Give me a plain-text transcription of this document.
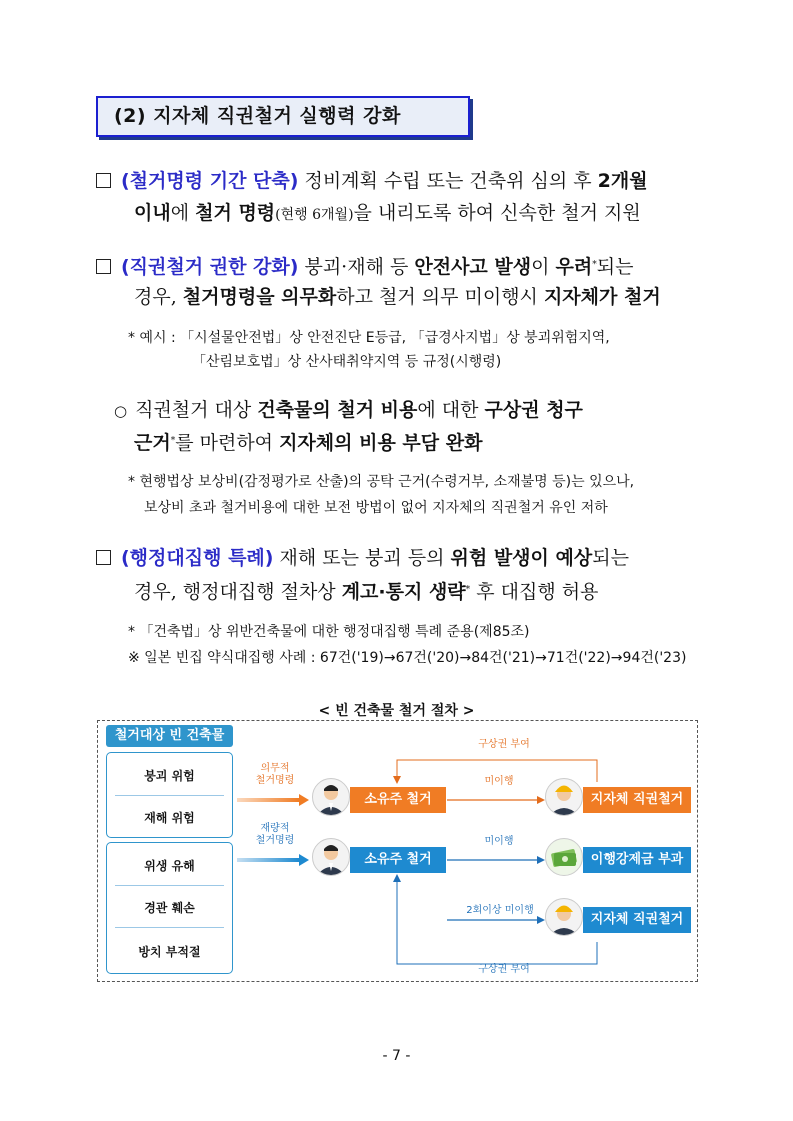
(2) 지자체 직권철거 실행력 강화
(철거명령 기간 단축) 정비계획 수립 또는 건축위 심의 후 2개월
이내에 철거 명령(현행 6개월)을 내리도록 하여 신속한 철거 지원
(직권철거 권한 강화) 붕괴·재해 등 안전사고 발생이 우려*되는
경우, 철거명령을 의무화하고 철거 의무 미이행시 지자체가 철거
* 예시 : 「시설물안전법」상 안전진단 E등급, 「급경사지법」상 붕괴위험지역,
「산림보호법」상 산사태취약지역 등 규정(시행령)
○ 직권철거 대상 건축물의 철거 비용에 대한 구상권 청구
근거*를 마련하여 지자체의 비용 부담 완화
* 현행법상 보상비(감정평가로 산출)의 공탁 근거(수령거부, 소재불명 등)는 있으나,
보상비 초과 철거비용에 대한 보전 방법이 없어 지자체의 직권철거 유인 저하
(행정대집행 특례) 재해 또는 붕괴 등의 위험 발생이 예상되는
경우, 행정대집행 절차상 계고·통지 생략* 후 대집행 허용
* 「건축법」상 위반건축물에 대한 행정대집행 특례 준용(제85조)
※ 일본 빈집 약식대집행 사례 : 67건('19)→67건('20)→84건('21)→71건('22)→94건('23)
< 빈 건축물 철거 절차 >
철거대상 빈 건축물
붕괴 위험
재해 위험
위생 유해
경관 훼손
방치 부적절
의무적
철거명령
재량적
철거명령
소유주 철거
소유주 철거
미이행
미이행
2회이상 미이행
구상권 부여
구상권 부여
지자체 직권철거
이행강제금 부과
지자체 직권철거
- 7 -
